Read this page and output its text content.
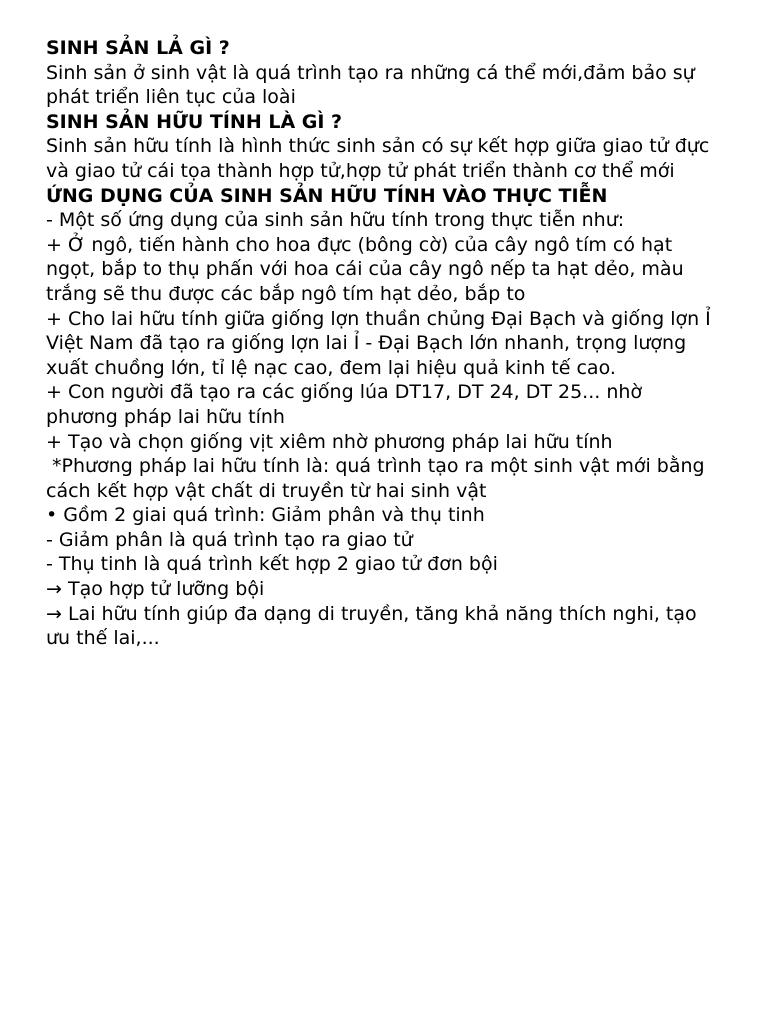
SINH SẢN LẢ GÌ ?
Sinh sản ở sinh vật là quá trình tạo ra những cá thể mới,đảm bảo sự
phát triển liên tục của loài
SINH SẢN HỮU TÍNH LÀ GÌ ?
Sinh sản hữu tính là hình thức sinh sản có sự kết hợp giữa giao tử đực
và giao tử cái tọa thành hợp tử,hợp tử phát triển thành cơ thể mới
ỨNG DỤNG CỦA SINH SẢN HỮU TÍNH VÀO THỰC TIỄN
- Một số ứng dụng của sinh sản hữu tính trong thực tiễn như:
+ Ở ngô, tiến hành cho hoa đực (bông cờ) của cây ngô tím có hạt
ngọt, bắp to thụ phấn với hoa cái của cây ngô nếp ta hạt dẻo, màu
trắng sẽ thu được các bắp ngô tím hạt dẻo, bắp to
+ Cho lai hữu tính giữa giống lợn thuần chủng Đại Bạch và giống lợn Ỉ
Việt Nam đã tạo ra giống lợn lai Ỉ - Đại Bạch lớn nhanh, trọng lượng
xuất chuồng lớn, tỉ lệ nạc cao, đem lại hiệu quả kinh tế cao.
+ Con người đã tạo ra các giống lúa DT17, DT 24, DT 25... nhờ
phương pháp lai hữu tính
+ Tạo và chọn giống vịt xiêm nhờ phương pháp lai hữu tính
*Phương pháp lai hữu tính là: quá trình tạo ra một sinh vật mới bằng
cách kết hợp vật chất di truyền từ hai sinh vật
• Gồm 2 giai quá trình: Giảm phân và thụ tinh
- Giảm phân là quá trình tạo ra giao tử
- Thụ tinh là quá trình kết hợp 2 giao tử đơn bội
→ Tạo hợp tử lưỡng bội
→ Lai hữu tính giúp đa dạng di truyền, tăng khả năng thích nghi, tạo
ưu thế lai,...
